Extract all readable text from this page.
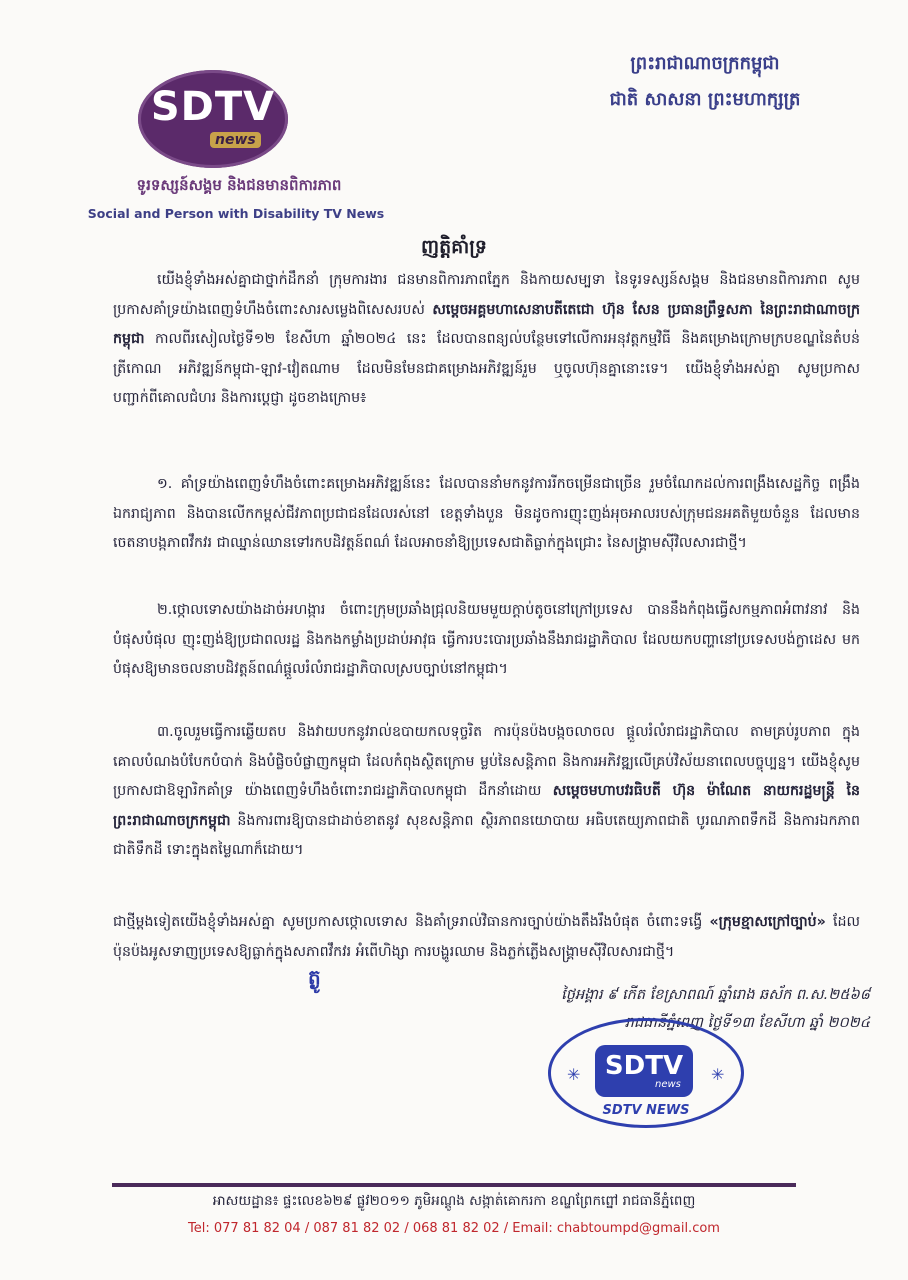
SDTV
news
ទូរទស្សន៍សង្គម និងជនមានពិការភាព
Social and Person with Disability TV News
ព្រះរាជាណាចក្រកម្ពុជា
ជាតិ សាសនា ព្រះមហាក្សត្រ
ញត្តិគាំទ្រ
យើងខ្ញុំទាំងអស់គ្នាជាថ្នាក់ដឹកនាំ ក្រុមការងារ ជនមានពិការភាពភ្នែក និងកាយសម្បទា នៃទូរទស្សន៍សង្គម និងជនមានពិការភាព សូមប្រកាសគាំទ្រយ៉ាងពេញទំហឹងចំពោះសារសម្លេងពិសេសរបស់ សម្តេចអគ្គមហាសេនាបតីតេជោ ហ៊ុន សែន ប្រធានព្រឹទ្ធសភា នៃព្រះរាជាណាចក្រកម្ពុជា កាលពីរសៀលថ្ងៃទី១២ ខែសីហា ឆ្នាំ២០២៤ នេះ ដែលបានពន្យល់បន្ថែមទៅលើការអនុវត្តកម្មវិធី និងគម្រោងក្រោមក្របខណ្ឌនៃតំបន់ត្រីកោណ អភិវឌ្ឍន៍កម្ពុជា-ឡាវ-វៀតណាម ដែលមិនមែនជាគម្រោងអភិវឌ្ឍន៍រួម ឬចូលហ៊ុនគ្នានោះទេ។ យើងខ្ញុំទាំងអស់គ្នា សូមប្រកាសបញ្ជាក់ពីគោលជំហរ និងការប្តេជ្ញា ដូចខាងក្រោម៖
១. គាំទ្រយ៉ាងពេញទំហឹងចំពោះគម្រោងអភិវឌ្ឍន៍នេះ ដែលបាននាំមកនូវការរីកចម្រើនជាច្រើន រួមចំណែកដល់ការពង្រឹងសេដ្ឋកិច្ច ពង្រឹងឯករាជ្យភាព និងបានលើកកម្ពស់ជីវភាពប្រជាជនដែលរស់នៅ ខេត្តទាំងបួន មិនដូចការញុះញង់អុចអាលរបស់ក្រុមជនអគតិមួយចំនួន ដែលមានចេតនាបង្កភាពវឹកវរ ជាឈ្នាន់ឈានទៅរកបដិវត្តន៍ពណ៌ ដែលអាចនាំឱ្យប្រទេសជាតិធ្លាក់ក្នុងជ្រោះ នៃសង្គ្រាមស៊ីវិលសារជាថ្មី។
២.ថ្កោលទោសយ៉ាងដាច់អហង្ការ ចំពោះក្រុមប្រឆាំងជ្រុលនិយមមួយក្តាប់តូចនៅក្រៅប្រទេស បាននឹងកំពុងធ្វើសកម្មភាពអំពាវនាវ និងបំផុសបំផុល ញុះញង់ឱ្យប្រជាពលរដ្ឋ និងកងកម្លាំងប្រដាប់អាវុធ ធ្វើការបះបោរប្រឆាំងនឹងរាជរដ្ឋាភិបាល ដែលយកបញ្ហានៅប្រទេសបង់ក្លាដេស មកបំផុសឱ្យមានចលនាបដិវត្តន៍ពណ៌ផ្តួលរំលំរាជរដ្ឋាភិបាលស្របច្បាប់នៅកម្ពុជា។
៣.ចូលរួមធ្វើការឆ្លើយតប និងវាយបកនូវរាល់ឧបាយកលទុច្ចរិត ការប៉ុនប៉ងបង្កចលាចល ផ្តួលរំលំរាជរដ្ឋាភិបាល តាមគ្រប់រូបភាព ក្នុងគោលបំណងបំបែកបំបាក់ និងបំផ្លិចបំផ្លាញកម្ពុជា ដែលកំពុងស្ថិតក្រោម ម្លប់នៃសន្តិភាព និងការអភិវឌ្ឍលើគ្រប់វិស័យនាពេលបច្ចុប្បន្ន។ យើងខ្ញុំសូមប្រកាសជាឱឡារិកគាំទ្រ យ៉ាងពេញទំហឹងចំពោះរាជរដ្ឋាភិបាលកម្ពុជា ដឹកនាំដោយ សម្តេចមហាបវរធិបតី ហ៊ុន ម៉ាណែត នាយករដ្ឋមន្ត្រី នៃព្រះរាជាណាចក្រកម្ពុជា និងការពារឱ្យបានជាដាច់ខាតនូវ សុខសន្តិភាព ស្ថិរភាពនយោបាយ អធិបតេយ្យភាពជាតិ បូរណភាពទឹកដី និងការឯកភាពជាតិទឹកដី ទោះក្នុងតម្លៃណាក៏ដោយ។
ជាថ្មីម្តងទៀតយើងខ្ញុំទាំងអស់គ្នា សូមប្រកាសថ្កោលទោស និងគាំទ្ររាល់វិធានការច្បាប់យ៉ាងតឹងរឹងបំផុត ចំពោះទង្វើ «ក្រុមខ្មាសក្រៅច្បាប់» ដែលប៉ុនប៉ងអូសទាញប្រទេសឱ្យធ្លាក់ក្នុងសភាពវឹកវរ អំពើហិង្សា ការបង្ហូរឈាម និងភ្លក់ភ្លើងសង្គ្រាមស៊ីវិលសារជាថ្មី។
ត្ងូ
ថ្ងៃអង្គារ ៩ កើត ខែស្រាពណ៍ ឆ្នាំរោង ឆស័ក ព.ស.២៥៦៨
រាជធានីភ្នំពេញ ថ្ងៃទី១៣ ខែសីហា ឆ្នាំ ២០២៤
✳	✳
SDTV
news
SDTV NEWS
អាសយដ្ឋាន៖ ផ្ទះលេខ៦២៩ ផ្លូវ២០១១ ភូមិអណ្តូង សង្កាត់គោករកា ខណ្ឌព្រែកព្នៅ រាជធានីភ្នំពេញ
Tel: 077 81 82 04 / 087 81 82 02 / 068 81 82 02 / Email: chabtoumpd@gmail.com
